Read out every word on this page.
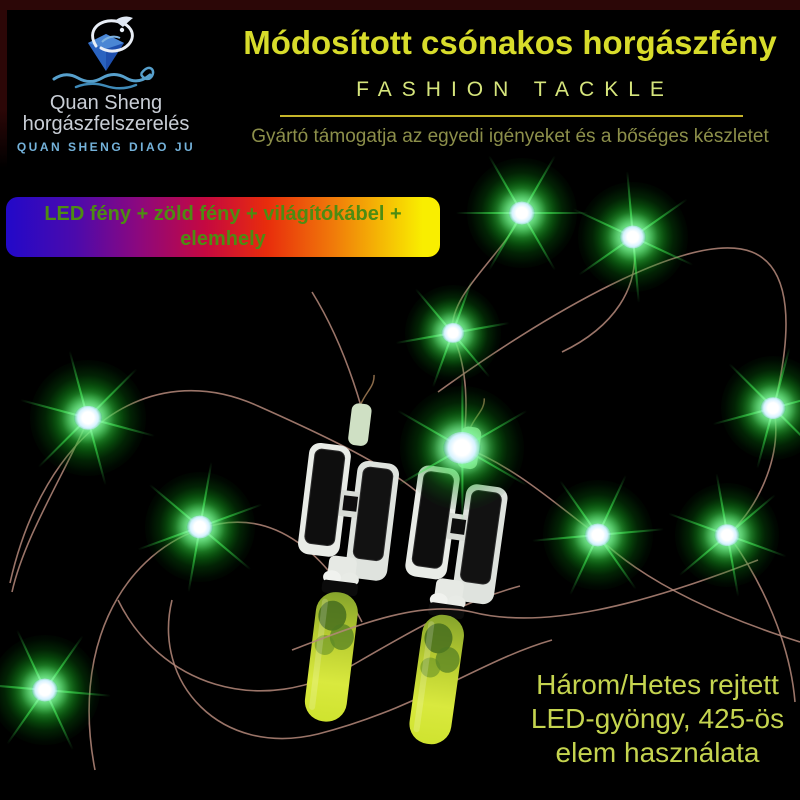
Quan Sheng
horgászfelszerelés
QUAN SHENG DIAO JU
Módosított csónakos horgászfény
FASHION TACKLE
Gyártó támogatja az egyedi igényeket és a bőséges készletet
LED fény + zöld fény + világítókábel +
elemhely
Három/Hetes rejtett
LED-gyöngy, 425-ös
elem használata
